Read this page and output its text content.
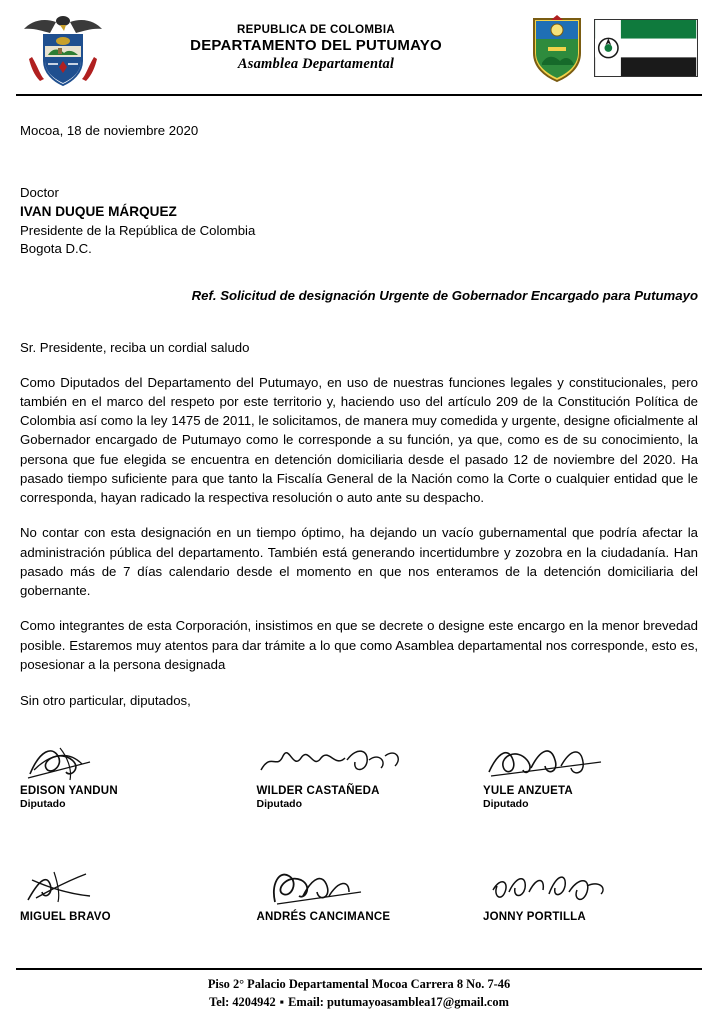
REPUBLICA DE COLOMBIA
DEPARTAMENTO DEL PUTUMAYO
Asamblea Departamental
Mocoa, 18 de noviembre 2020
Doctor
IVAN DUQUE MÁRQUEZ
Presidente de la República de Colombia
Bogota D.C.
Ref. Solicitud de designación Urgente de Gobernador Encargado para Putumayo
Sr. Presidente, reciba un cordial saludo

Como Diputados del Departamento del Putumayo, en uso de nuestras funciones legales y constitucionales, pero también en el marco del respeto por este territorio y, haciendo uso del artículo 209 de la Constitución Política de Colombia así como la ley 1475 de 2011, le solicitamos, de manera muy comedida y urgente, designe oficialmente al Gobernador encargado de Putumayo como le corresponde a su función, ya que, como es de su conocimiento, la persona que fue elegida se encuentra en detención domiciliaria desde el pasado 12 de noviembre del 2020. Ha pasado tiempo suficiente para que tanto la Fiscalía General de la Nación como la Corte o cualquier entidad que le corresponda, hayan radicado la respectiva resolución o auto ante su despacho.

No contar con esta designación en un tiempo óptimo, ha dejando un vacío gubernamental que podría afectar la administración pública del departamento. También está generando incertidumbre y zozobra en la ciudadanía. Han pasado más de 7 días calendario desde el momento en que nos enteramos de la detención domiciliaria del gobernante.

Como integrantes de esta Corporación, insistimos en que se decrete o designe este encargo en la menor brevedad posible. Estaremos muy atentos para dar trámite a lo que como Asamblea departamental nos corresponde, esto es, posesionar a la persona designada

Sin otro particular, diputados,
EDISON YANDUN
Diputado
WILDER CASTAÑEDA
Diputado
YULE ANZUETA
Diputado
MIGUEL BRAVO	ANDRÉS CANCIMANCE	JONNY PORTILLA
Piso 2° Palacio Departamental Mocoa Carrera 8 No. 7-46
Tel: 4204942 ▪ Email: putumayoasamblea17@gmail.com
